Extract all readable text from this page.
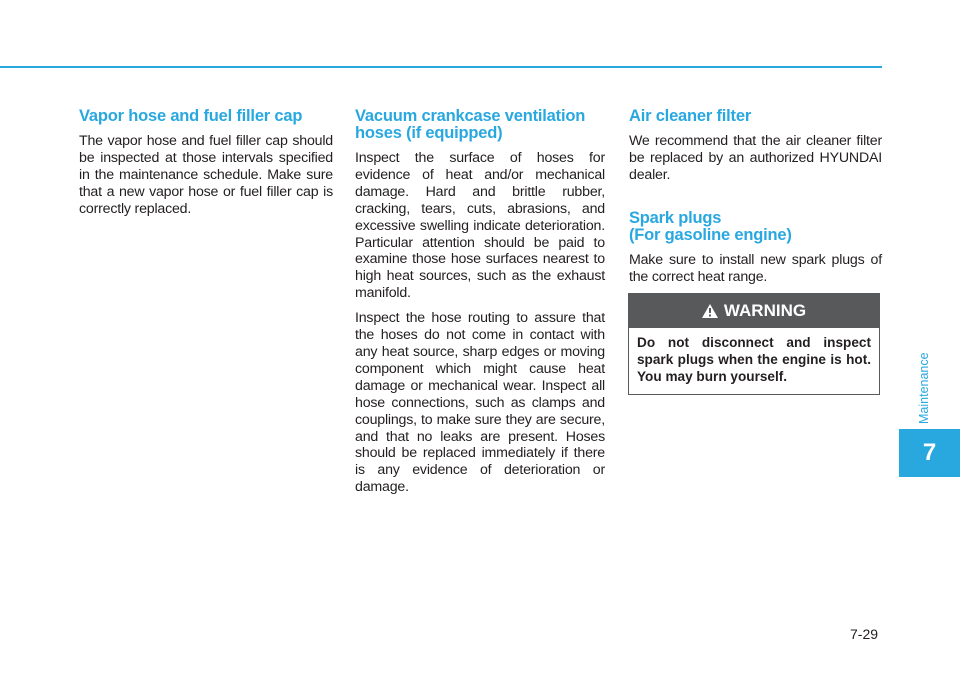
Vapor hose and fuel filler cap

The vapor hose and fuel filler cap should be inspected at those intervals specified in the maintenance schedule. Make sure that a new vapor hose or fuel filler cap is correctly replaced.

Vacuum crankcase ventilation
hoses (if equipped)

Inspect the surface of hoses for evidence of heat and/or mechanical damage. Hard and brittle rubber, cracking, tears, cuts, abrasions, and excessive swelling indicate deterioration. Particular attention should be paid to examine those hose surfaces nearest to high heat sources, such as the exhaust manifold.

Inspect the hose routing to assure that the hoses do not come in contact with any heat source, sharp edges or moving component which might cause heat damage or mechanical wear. Inspect all hose connections, such as clamps and couplings, to make sure they are secure, and that no leaks are present. Hoses should be replaced immediately if there is any evidence of deterioration or damage.

Air cleaner filter

We recommend that the air cleaner filter be replaced by an authorized HYUNDAI dealer.

Spark plugs
(For gasoline engine)

Make sure to install new spark plugs of the correct heat range.

WARNING
Do not disconnect and inspect spark plugs when the engine is hot. You may burn yourself.	Maintenance
7
7-29
